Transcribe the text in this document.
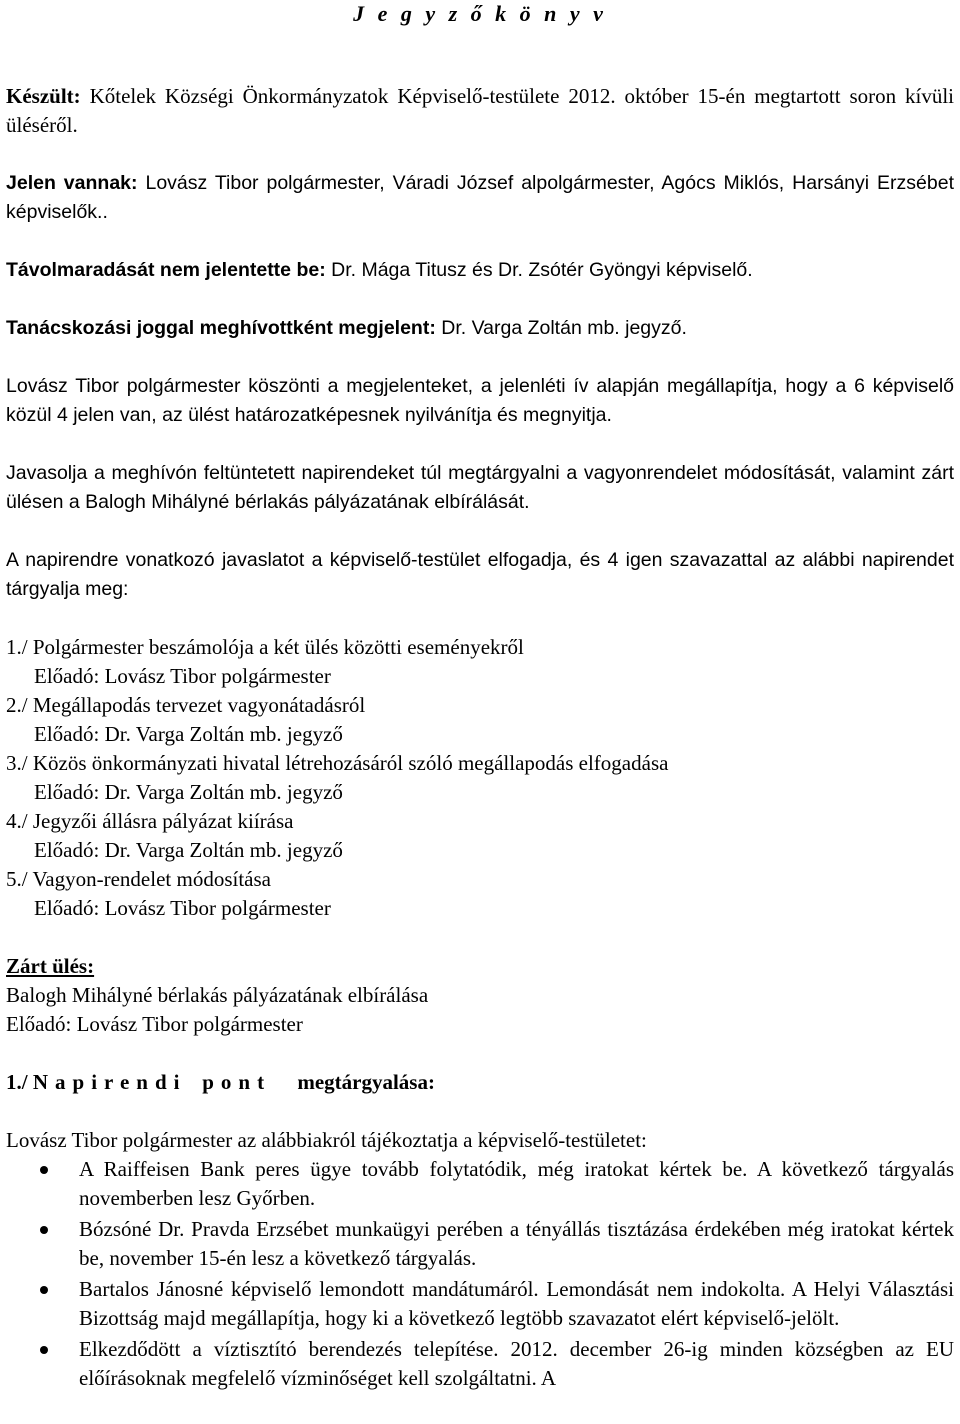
J e g y z ő k ö n y v

Készült: Kőtelek Községi Önkormányzatok Képviselő-testülete 2012. október 15-én megtartott soron kívüli üléséről.

Jelen vannak: Lovász Tibor polgármester, Váradi József alpolgármester, Agócs Miklós, Harsányi Erzsébet képviselők..

Távolmaradását nem jelentette be: Dr. Mága Titusz és Dr. Zsótér Gyöngyi képviselő.

Tanácskozási joggal meghívottként megjelent: Dr. Varga Zoltán mb. jegyző.

Lovász Tibor polgármester köszönti a megjelenteket, a jelenléti ív alapján megállapítja, hogy a 6 képviselő közül 4 jelen van, az ülést határozatképesnek nyilvánítja és megnyitja.

Javasolja a meghívón feltüntetett napirendeket túl megtárgyalni a vagyonrendelet módosítását, valamint zárt ülésen a Balogh Mihályné bérlakás pályázatának elbírálását.

A napirendre vonatkozó javaslatot a képviselő-testület elfogadja, és 4 igen szavazattal az alábbi napirendet tárgyalja meg:

1./ Polgármester beszámolója a két ülés közötti eseményekről
Előadó: Lovász Tibor polgármester
2./ Megállapodás tervezet vagyonátadásról
Előadó: Dr. Varga Zoltán mb. jegyző
3./ Közös önkormányzati hivatal létrehozásáról szóló megállapodás elfogadása
Előadó: Dr. Varga Zoltán mb. jegyző
4./ Jegyzői állásra pályázat kiírása
Előadó: Dr. Varga Zoltán mb. jegyző
5./ Vagyon-rendelet módosítása
Előadó: Lovász Tibor polgármester
Zárt ülés:
Balogh Mihályné bérlakás pályázatának elbírálása
Előadó: Lovász Tibor polgármester
1./ Napirendi pont megtárgyalása:
Lovász Tibor polgármester az alábbiakról tájékoztatja a képviselő-testületet:
A Raiffeisen Bank peres ügye tovább folytatódik, még iratokat kértek be. A következő tárgyalás novemberben lesz Győrben.
Bózsóné Dr. Pravda Erzsébet munkaügyi perében a tényállás tisztázása érdekében még iratokat kértek be, november 15-én lesz a következő tárgyalás.
Bartalos Jánosné képviselő lemondott mandátumáról. Lemondását nem indokolta. A Helyi Választási Bizottság majd megállapítja, hogy ki a következő legtöbb szavazatot elért képviselő-jelölt.
Elkezdődött a víztisztító berendezés telepítése. 2012. december 26-ig minden községben az EU előírásoknak megfelelő vízminőséget kell szolgáltatni. A
